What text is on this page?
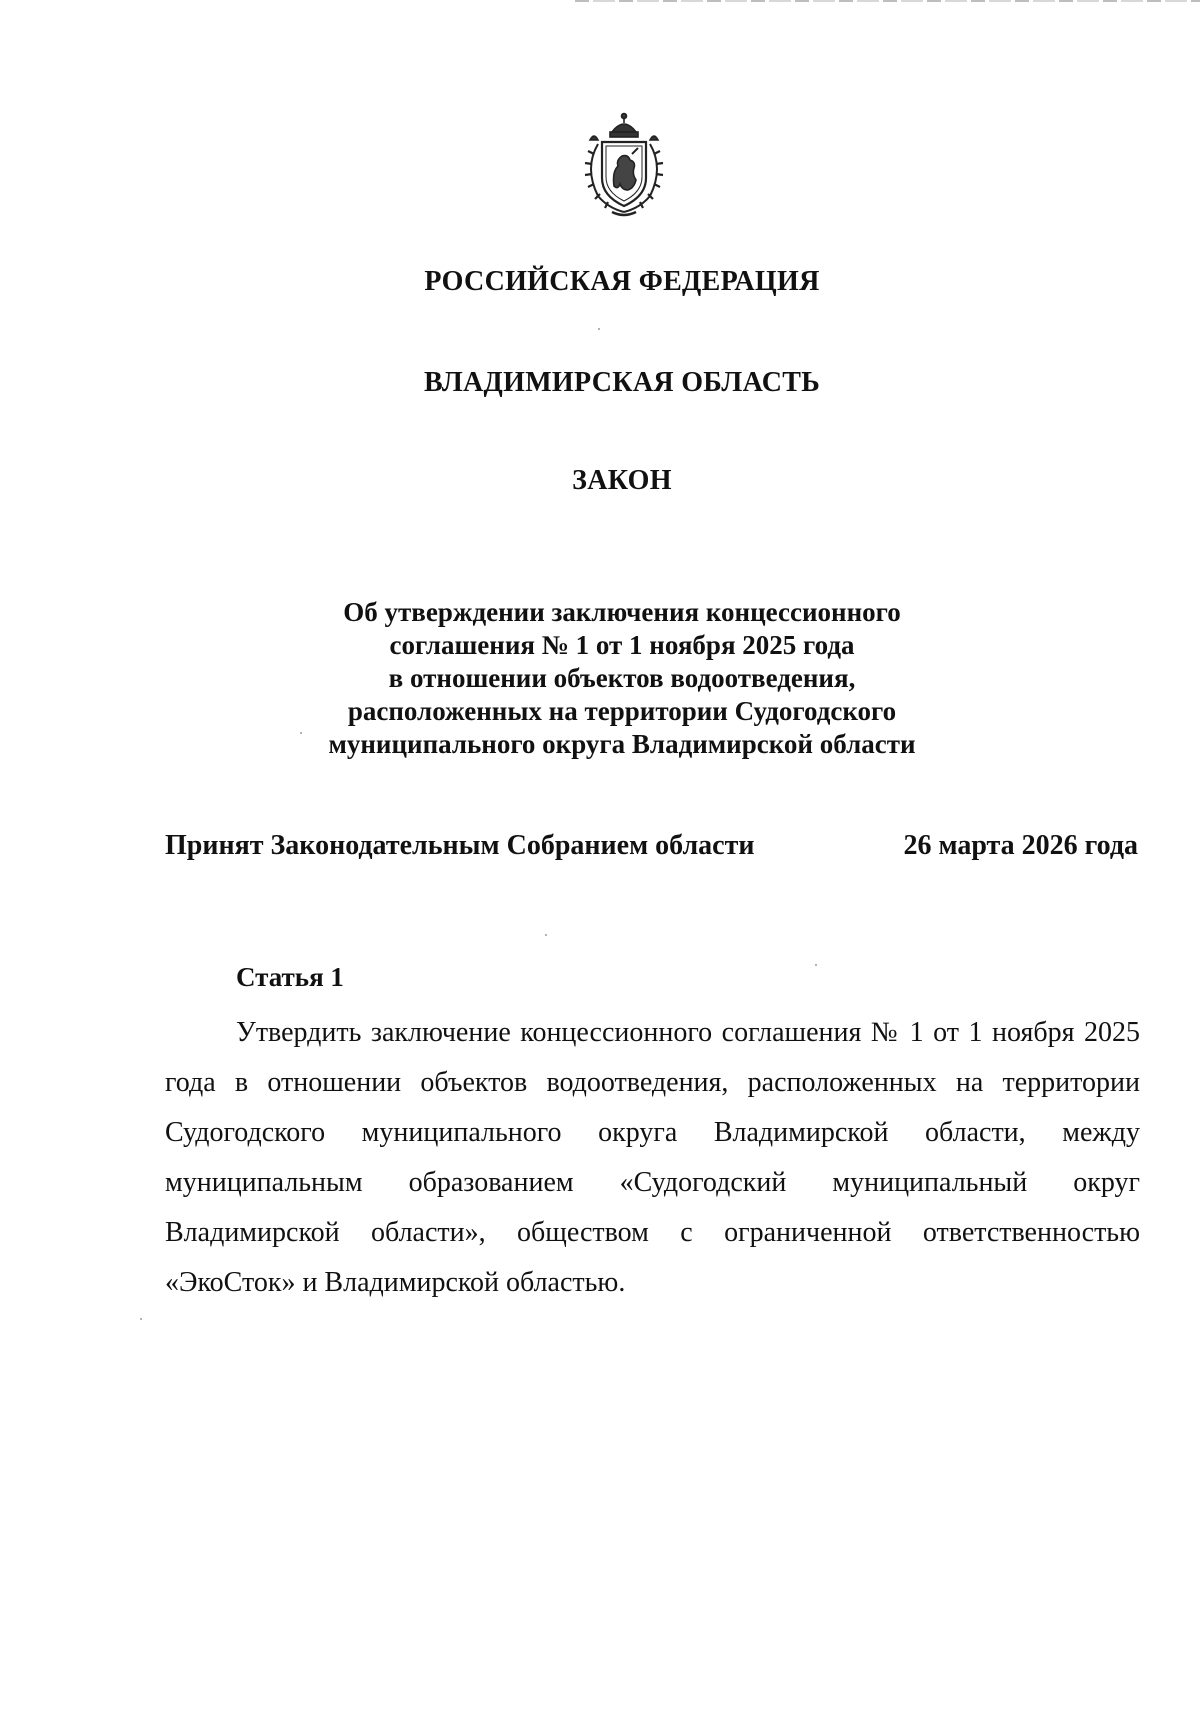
РОССИЙСКАЯ ФЕДЕРАЦИЯ
ВЛАДИМИРСКАЯ ОБЛАСТЬ
ЗАКОН
Об утверждении заключения концессионного
соглашения № 1 от 1 ноября 2025 года
в отношении объектов водоотведения,
расположенных на территории Судогодского
муниципального округа Владимирской области
Принят Законодательным Собранием области	26 марта 2026 года
Статья 1
Утвердить заключение концессионного соглашения № 1 от 1 ноября 2025 года в отношении объектов водоотведения, расположенных на территории Судогодского муниципального округа Владимирской области, между муниципальным образованием «Судогодский муниципальный округ Владимирской области», обществом с ограниченной ответственностью «ЭкоСток» и Владимирской областью.
